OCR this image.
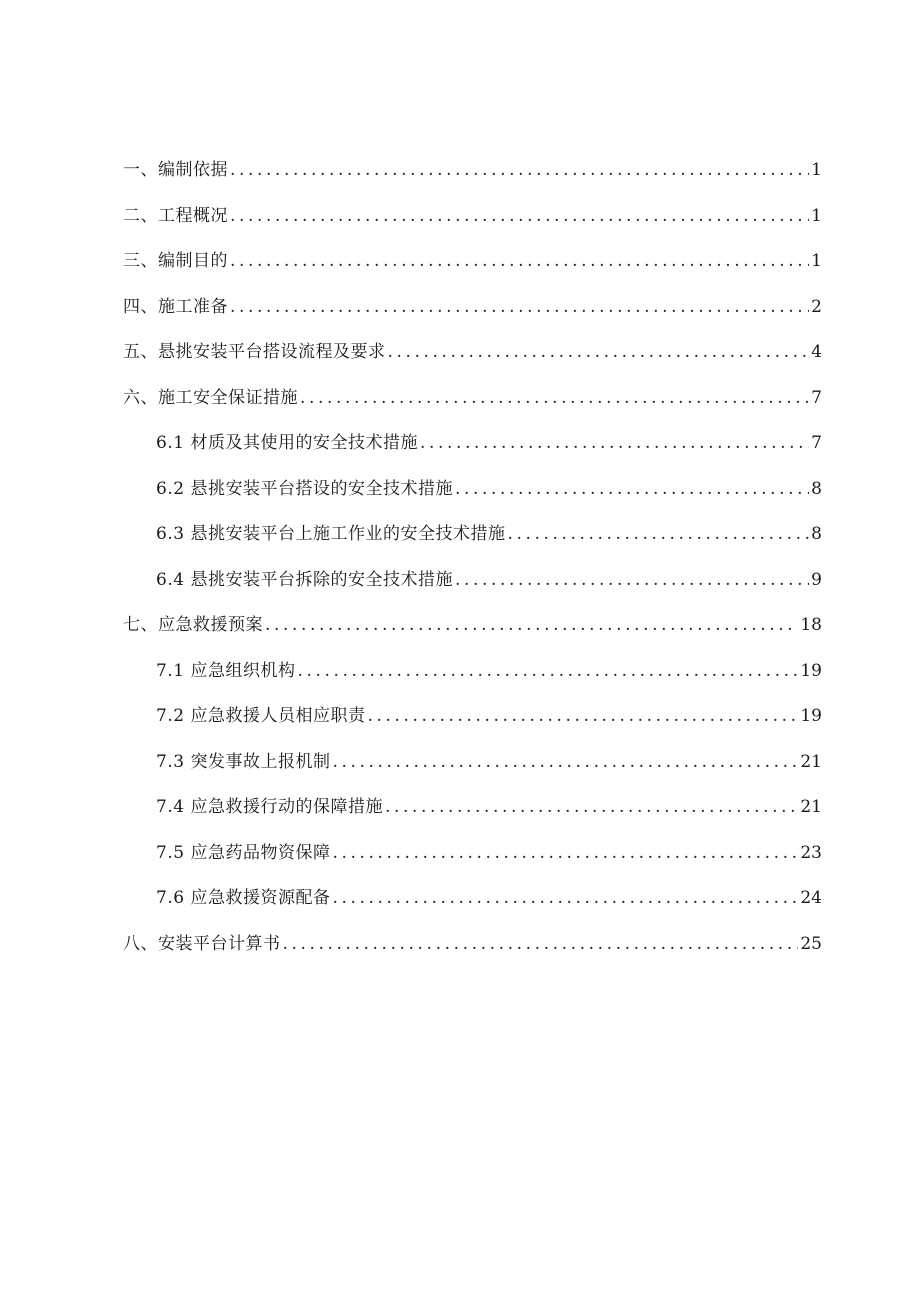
一、编制依据 .....	1
二、工程概况 .....	1
三、编制目的 .....	1
四、施工准备 .....	2
五、悬挑安装平台搭设流程及要求 .....	4
六、施工安全保证措施 .....	7
6.1 材质及其使用的安全技术措施 .....	7
6.2 悬挑安装平台搭设的安全技术措施 .....	8
6.3 悬挑安装平台上施工作业的安全技术措施 .....	8
6.4 悬挑安装平台拆除的安全技术措施 .....	9
七、应急救援预案 .....	18
7.1 应急组织机构 .....	19
7.2 应急救援人员相应职责 .....	19
7.3 突发事故上报机制 .....	21
7.4 应急救援行动的保障措施 .....	21
7.5 应急药品物资保障 .....	23
7.6 应急救援资源配备 .....	24
八、安装平台计算书 .....	25
